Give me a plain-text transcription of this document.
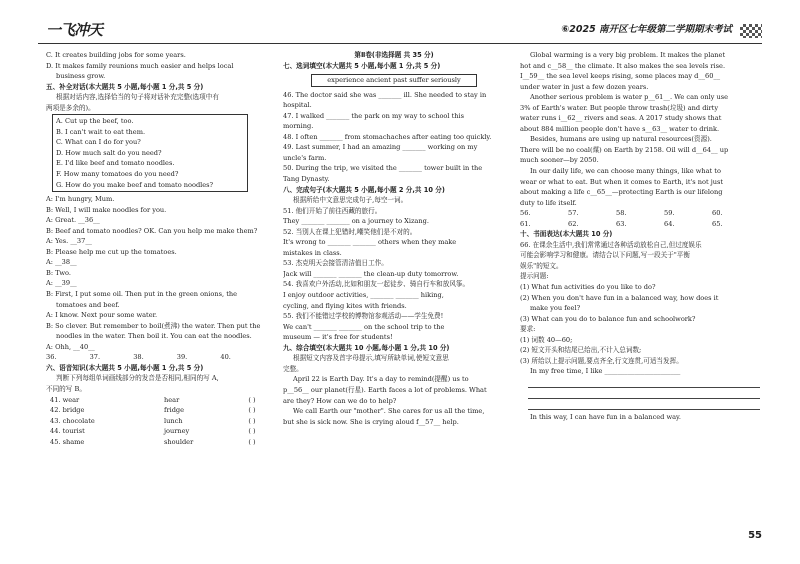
一飞冲天	⑥2025 南开区七年级第二学期期末考试
C. It creates building jobs for some years.
D. It makes family reunions much easier and helps local
business grow.
五、补全对话(本大题共 5 小题,每小题 1 分,共 5 分)
根据对话内容,选择恰当的句子将对话补充完整(选项中有
两项是多余的)。
A. Cut up the beef, too.
B. I can't wait to eat them.
C. What can I do for you?
D. How much salt do you need?
E. I'd like beef and tomato noodles.
F. How many tomatoes do you need?
G. How do you make beef and tomato noodles?
A: I'm hungry, Mum.
B: Well, I will make noodles for you.
A: Great. __36__
B: Beef and tomato noodles? OK. Can you help me make them?
A: Yes. __37__
B: Please help me cut up the tomatoes.
A: __38__
B: Two.
A: __39__
B: First, I put some oil. Then put in the green onions, the
tomatoes and beef.
A: I know. Next pour some water.
B: So clever. But remember to boil(煮沸) the water. Then put the
noodles in the water. Then boil it. You can eat the noodles.
A: Ohh, __40__
36.	37.	38.	39.	40.
六、语音知识(本大题共 5 小题,每小题 1 分,共 5 分)
判断下列每组单词画线部分的发音是否相同,相同的写 A,
不同的写 B。
41. wear	hear	( )
42. bridge	fridge	( )
43. chocolate	lunch	( )
44. tourist	journey	( )
45. shame	shoulder	( )
第Ⅱ卷(非选择题 共 35 分)
七、选词填空(本大题共 5 小题,每小题 1 分,共 5 分)
experience ancient past suffer seriously
46. The doctor said she was _______ ill. She needed to stay in
hospital.
47. I walked _______ the park on my way to school this
morning.
48. I often _______ from stomachaches after eating too quickly.
49. Last summer, I had an amazing _______ working on my
uncle's farm.
50. During the trip, we visited the _______ tower built in the
Tang Dynasty.
八、完成句子(本大题共 5 小题,每小题 2 分,共 10 分)
根据所给中文意思完成句子,每空一词。
51. 他们开始了前往西藏的旅行。
They _______ _______ on a journey to Xizang.
52. 当别人在课上犯错时,嘲笑他们是不对的。
It's wrong to _______ _______ others when they make
mistakes in class.
53. 杰克明天会接管清洁值日工作。
Jack will _______ _______ the clean-up duty tomorrow.
54. 我喜欢户外活动,比如和朋友一起徒步、骑自行车和放风筝。
I enjoy outdoor activities, _______ _______ hiking,
cycling, and flying kites with friends.
55. 我们不能错过学校的博物馆参观活动——学生免费!
We can't _______ _______ on the school trip to the
museum — it's free for students!
九、综合填空(本大题共 10 小题,每小题 1 分,共 10 分)
根据短文内容及首字母提示,填写所缺单词,使短文意思
完整。
April 22 is Earth Day. It's a day to remind(提醒) us to
p__56__ our planet(行星). Earth faces a lot of problems. What
are they? How can we do to help?
We call Earth our "mother". She cares for us all the time,
but she is sick now. She is crying aloud f__57__ help.
Global warming is a very big problem. It makes the planet
hot and c__58__ the climate. It also makes the sea levels rise.
I__59__ the sea level keeps rising, some places may d__60__
under water in just a few dozen years.
Another serious problem is water p__61__. We can only use
3% of Earth's water. But people throw trash(垃圾) and dirty
water runs i__62__ rivers and seas. A 2017 study shows that
about 884 million people don't have s__63__ water to drink.
Besides, humans are using up natural resources(资源).
There will be no coal(煤) on Earth by 2158. Oil will d__64__ up
much sooner—by 2050.
In our daily life, we can choose many things, like what to
wear or what to eat. But when it comes to Earth, it's not just
about making a life c__65__—protecting Earth is our lifelong
duty to life itself.
56.	57.	58.	59.	60.
61.	62.	63.	64.	65.
十、书面表达(本大题共 10 分)
66. 在课余生活中,我们常常通过各种活动放松自己,但过度娱乐
可能会影响学习和健康。请结合以下问题,写一段关于"平衡
娱乐"的短文。
提示问题:
(1) What fun activities do you like to do?
(2) When you don't have fun in a balanced way, how does it
make you feel?
(3) What can you do to balance fun and schoolwork?
要求:
(1) 词数 40—60;
(2) 短文开头和结尾已给出,不计入总词数;
(3) 所给以上提示问题,要点齐全,行文连贯,可适当发挥。
In my free time, I like _______________________
In this way, I can have fun in a balanced way.
55
